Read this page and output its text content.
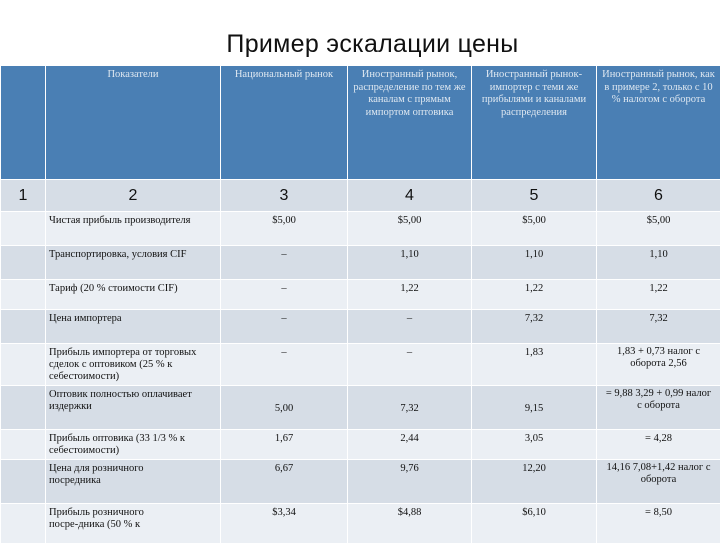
Пример эскалации цены
	Показатели	Национальный рынок	Иностранный рынок, распределение по тем же каналам с прямым импортом оптовика	Иностранный рынок-импортер с теми же прибылями и каналами распределения	Иностранный рынок, как в примере 2, только с 10 % налогом с оборота
1	2	3	4	5	6
	Чистая прибыль производителя	$5,00	$5,00	$5,00	$5,00
	Транспортировка, условия CIF	–	1,10	1,10	1,10
	Тариф (20 % стоимости CIF)	–	1,22	1,22	1,22
	Цена импортера	–	–	7,32	7,32
	Прибыль импортера от торговых сделок с оптовиком (25 % к себестоимости)	–	–	1,83	1,83 + 0,73 налог с оборота 2,56
	Оптовик полностью оплачивает издержки	5,00	7,32	9,15	= 9,88 3,29 + 0,99 налог с оборота
	Прибыль оптовика (33 1/3 % к себестоимости)	1,67	2,44	3,05	= 4,28
	Цена для розничного посредника	6,67	9,76	12,20	14,16 7,08+1,42 налог с оборота
	Прибыль розничного посре-дника (50 % к	$3,34	$4,88	$6,10	= 8,50
